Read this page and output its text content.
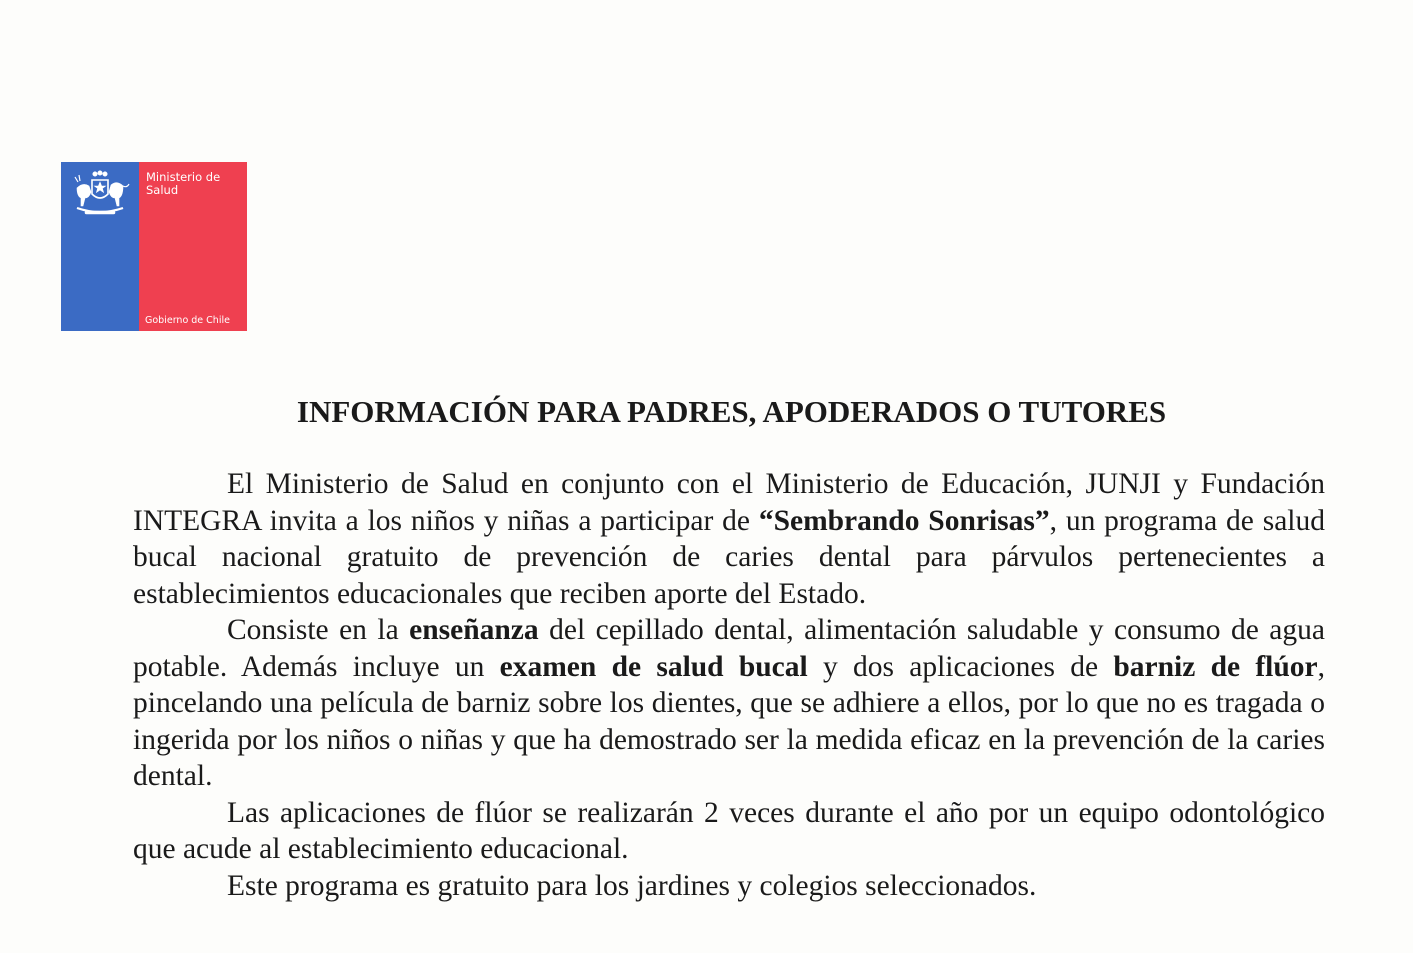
Ministerio de
Salud
Gobierno de Chile
INFORMACIÓN PARA PADRES, APODERADOS O TUTORES

El Ministerio de Salud en conjunto con el Ministerio de Educación, JUNJI y Fundación INTEGRA invita a los niños y niñas a participar de “Sembrando Sonrisas”, un programa de salud bucal nacional gratuito de prevención de caries dental para párvulos pertenecientes a establecimientos educacionales que reciben aporte del Estado.

Consiste en la enseñanza del cepillado dental, alimentación saludable y consumo de agua potable. Además incluye un examen de salud bucal y dos aplicaciones de barniz de flúor, pincelando una película de barniz sobre los dientes, que se adhiere a ellos, por lo que no es tragada o ingerida por los niños o niñas y que ha demostrado ser la medida eficaz en la prevención de la caries dental.

Las aplicaciones de flúor se realizarán 2 veces durante el año por un equipo odontológico que acude al establecimiento educacional.

Este programa es gratuito para los jardines y colegios seleccionados.
